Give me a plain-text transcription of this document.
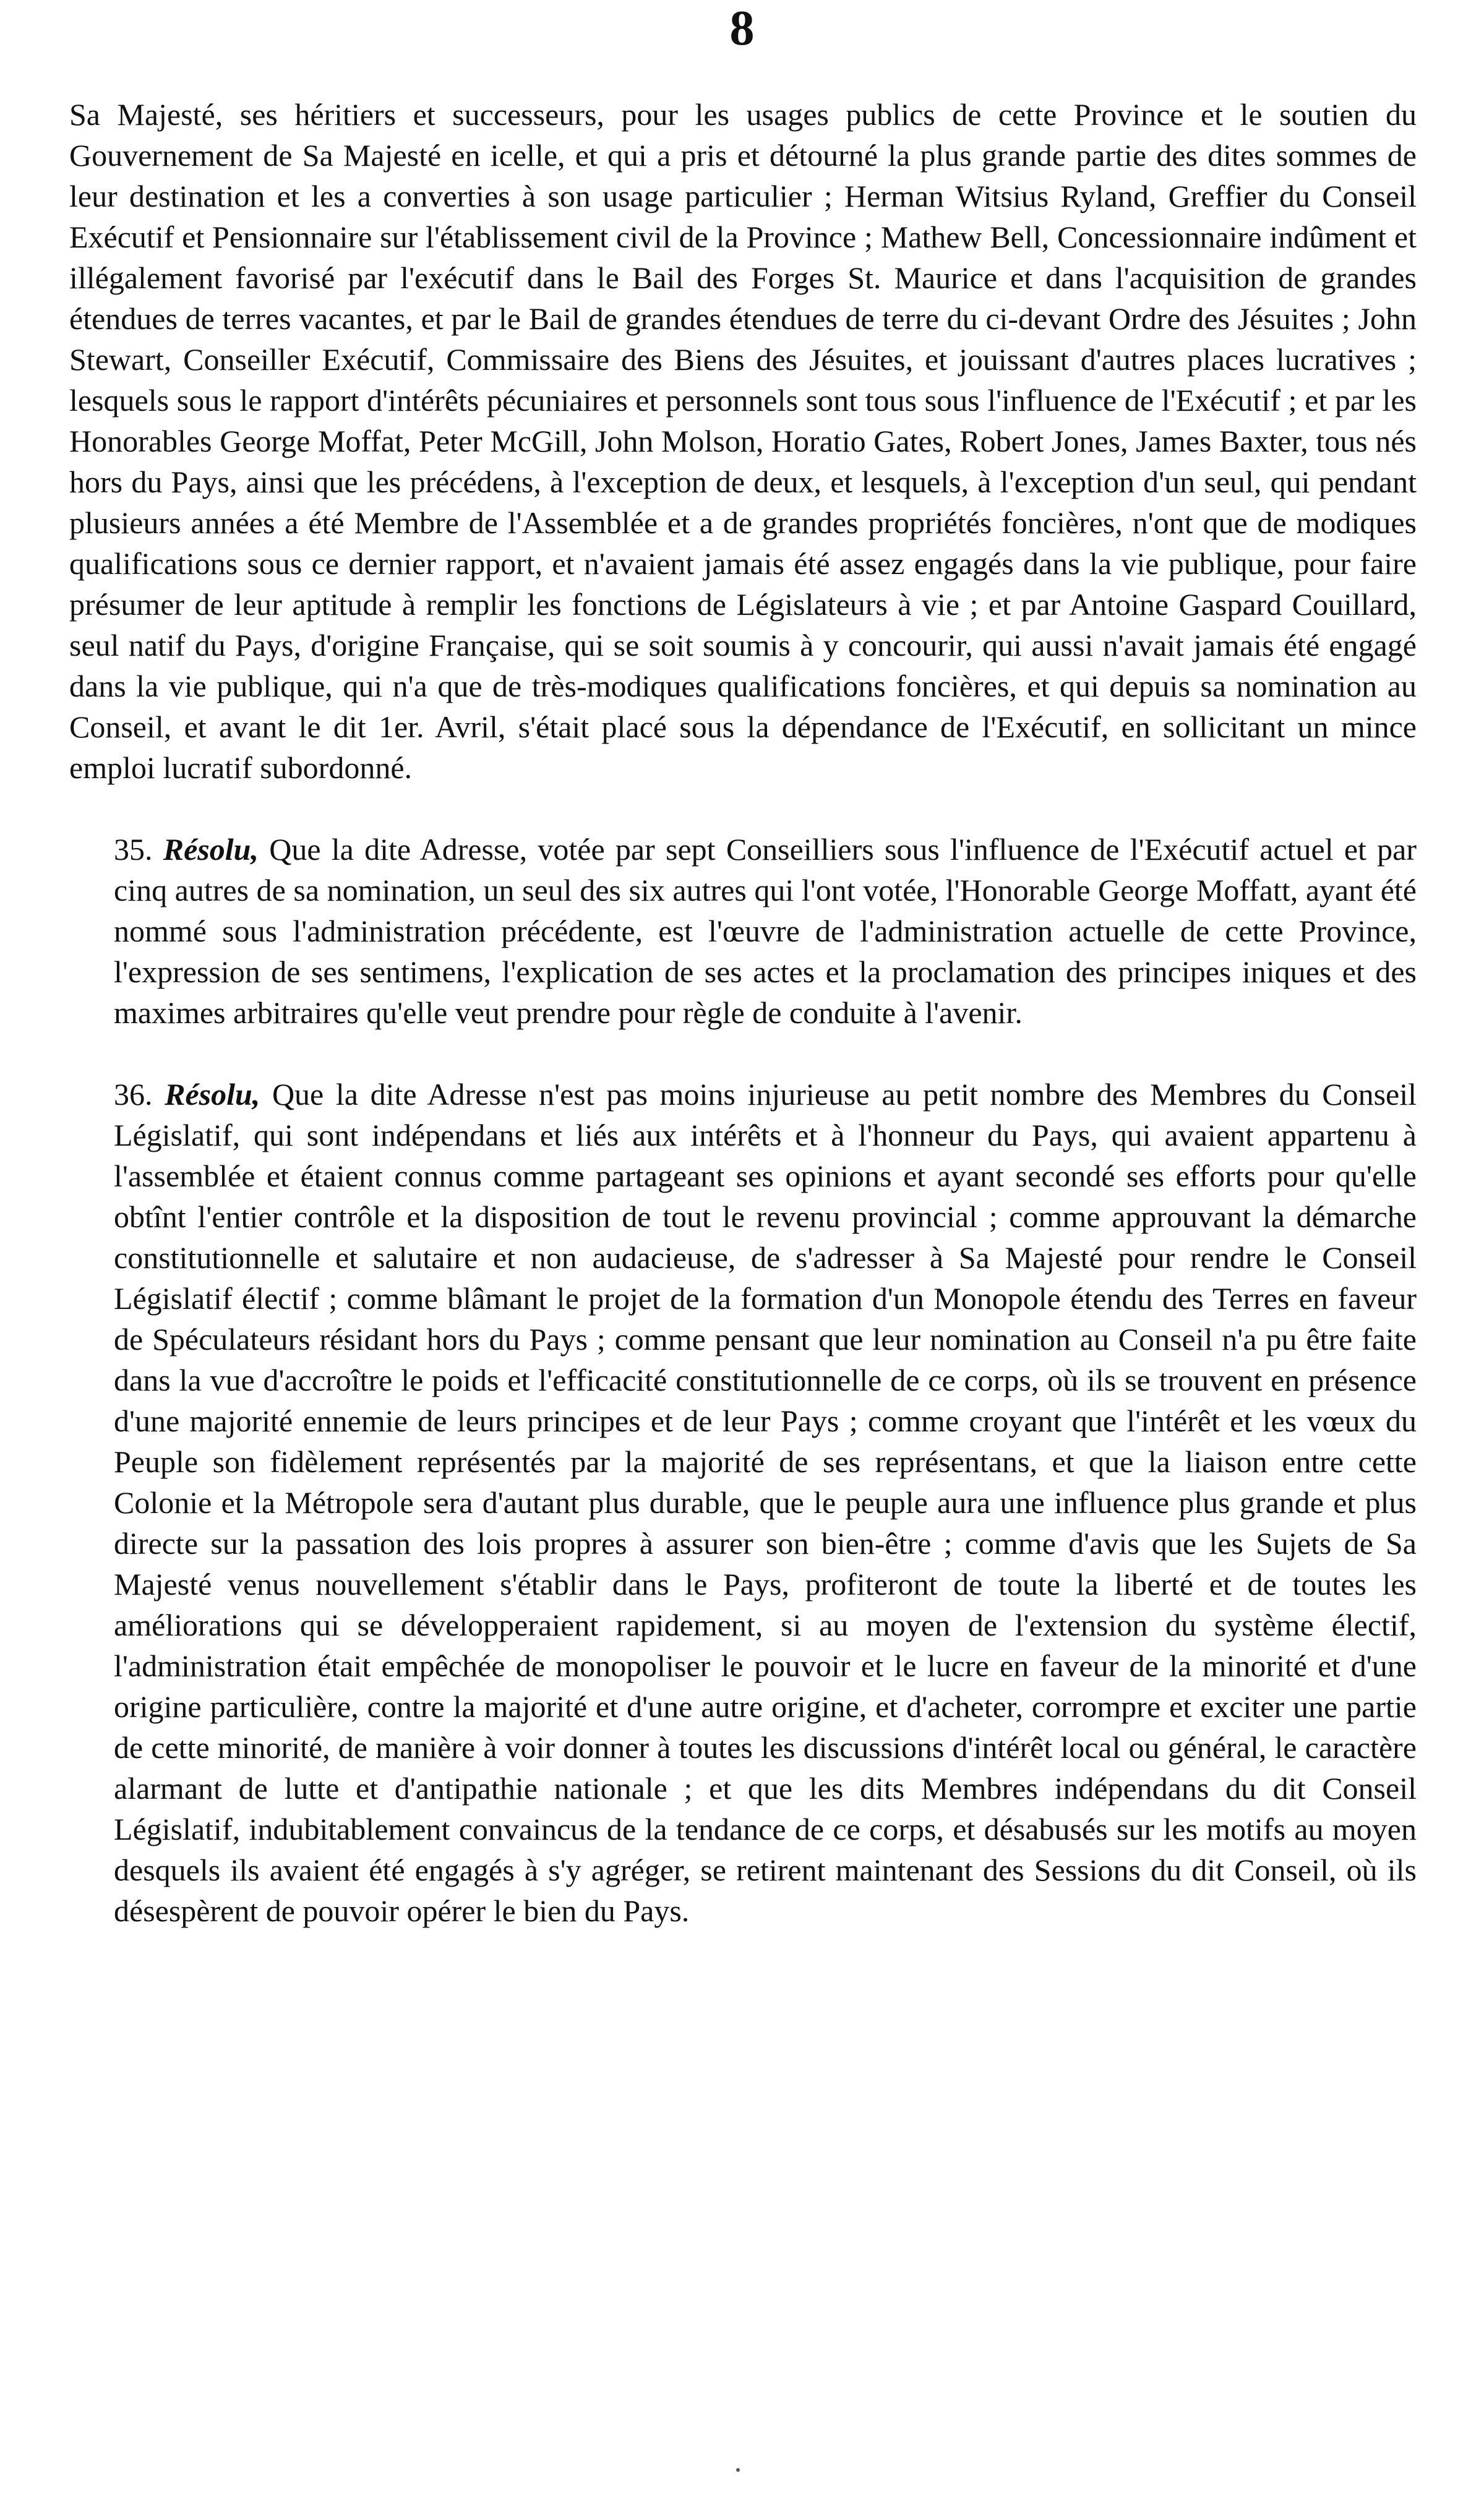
8

Sa Majesté, ses héritiers et successeurs, pour les usages publics de cette Province et le soutien du Gouvernement de Sa Majesté en icelle, et qui a pris et détourné la plus grande partie des dites sommes de leur destination et les a converties à son usage particulier ; Herman Witsius Ryland, Greffier du Conseil Exécutif et Pensionnaire sur l'établissement civil de la Province ; Mathew Bell, Concessionnaire indûment et illégalement favorisé par l'exécutif dans le Bail des Forges St. Maurice et dans l'acquisition de grandes étendues de terres vacantes, et par le Bail de grandes étendues de terre du ci-devant Ordre des Jésuites ; John Stewart, Conseiller Exécutif, Commissaire des Biens des Jésuites, et jouissant d'autres places lucratives ; lesquels sous le rapport d'intérêts pécuniaires et personnels sont tous sous l'influence de l'Exécutif ; et par les Honorables George Moffat, Peter McGill, John Molson, Horatio Gates, Robert Jones, James Baxter, tous nés hors du Pays, ainsi que les précédens, à l'exception de deux, et lesquels, à l'exception d'un seul, qui pendant plusieurs années a été Membre de l'Assemblée et a de grandes propriétés foncières, n'ont que de modiques qualifications sous ce dernier rapport, et n'avaient jamais été assez engagés dans la vie publique, pour faire présumer de leur aptitude à remplir les fonctions de Législateurs à vie ; et par Antoine Gaspard Couillard, seul natif du Pays, d'origine Française, qui se soit soumis à y concourir, qui aussi n'avait jamais été engagé dans la vie publique, qui n'a que de très-modiques qualifications foncières, et qui depuis sa nomination au Conseil, et avant le dit 1er. Avril, s'était placé sous la dépendance de l'Exécutif, en sollicitant un mince emploi lucratif subordonné.

35. Résolu, Que la dite Adresse, votée par sept Conseilliers sous l'influence de l'Exécutif actuel et par cinq autres de sa nomination, un seul des six autres qui l'ont votée, l'Honorable George Moffatt, ayant été nommé sous l'administration précédente, est l'œuvre de l'administration actuelle de cette Province, l'expression de ses sentimens, l'explication de ses actes et la proclamation des principes iniques et des maximes arbitraires qu'elle veut prendre pour règle de conduite à l'avenir.

36. Résolu, Que la dite Adresse n'est pas moins injurieuse au petit nombre des Membres du Conseil Législatif, qui sont indépendans et liés aux intérêts et à l'honneur du Pays, qui avaient appartenu à l'assemblée et étaient connus comme partageant ses opinions et ayant secondé ses efforts pour qu'elle obtînt l'entier contrôle et la disposition de tout le revenu provincial ; comme approuvant la démarche constitutionnelle et salutaire et non audacieuse, de s'adresser à Sa Majesté pour rendre le Conseil Législatif électif ; comme blâmant le projet de la formation d'un Monopole étendu des Terres en faveur de Spéculateurs résidant hors du Pays ; comme pensant que leur nomination au Conseil n'a pu être faite dans la vue d'accroître le poids et l'efficacité constitutionnelle de ce corps, où ils se trouvent en présence d'une majorité ennemie de leurs principes et de leur Pays ; comme croyant que l'intérêt et les vœux du Peuple son fidèlement représentés par la majorité de ses représentans, et que la liaison entre cette Colonie et la Métropole sera d'autant plus durable, que le peuple aura une influence plus grande et plus directe sur la passation des lois propres à assurer son bien-être ; comme d'avis que les Sujets de Sa Majesté venus nouvellement s'établir dans le Pays, profiteront de toute la liberté et de toutes les améliorations qui se développeraient rapidement, si au moyen de l'extension du système électif, l'administration était empêchée de monopoliser le pouvoir et le lucre en faveur de la minorité et d'une origine particulière, contre la majorité et d'une autre origine, et d'acheter, corrompre et exciter une partie de cette minorité, de manière à voir donner à toutes les discussions d'intérêt local ou général, le caractère alarmant de lutte et d'antipathie nationale ; et que les dits Membres indépendans du dit Conseil Législatif, indubitablement convaincus de la tendance de ce corps, et désabusés sur les motifs au moyen desquels ils avaient été engagés à s'y agréger, se retirent maintenant des Sessions du dit Conseil, où ils désespèrent de pouvoir opérer le bien du Pays.
